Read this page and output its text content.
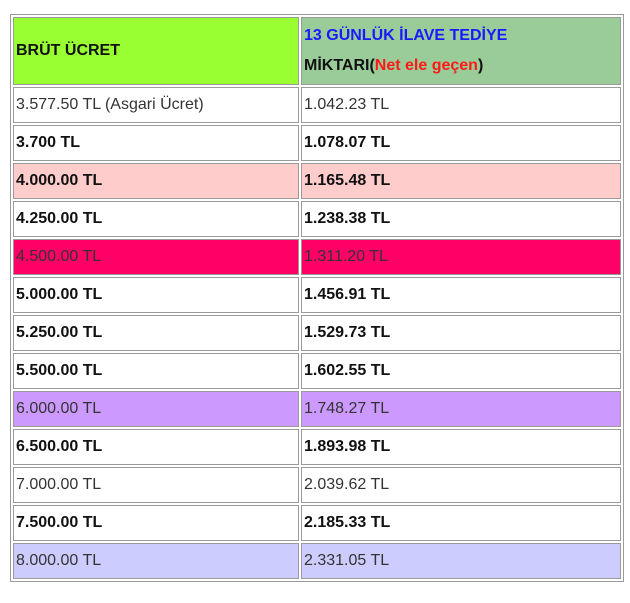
BRÜT ÜCRET	13 GÜNLÜK İLAVE TEDİYE
MİKTARI(Net ele geçen)

3.577.50 TL (Asgari Ücret)	1.042.23 TL
3.700 TL	1.078.07 TL
4.000.00 TL	1.165.48 TL
4.250.00 TL	1.238.38 TL
4.500.00 TL	1.311.20 TL
5.000.00 TL	1.456.91 TL
5.250.00 TL	1.529.73 TL
5.500.00 TL	1.602.55 TL
6.000.00 TL	1.748.27 TL
6.500.00 TL	1.893.98 TL
7.000.00 TL	2.039.62 TL
7.500.00 TL	2.185.33 TL
8.000.00 TL	2.331.05 TL
